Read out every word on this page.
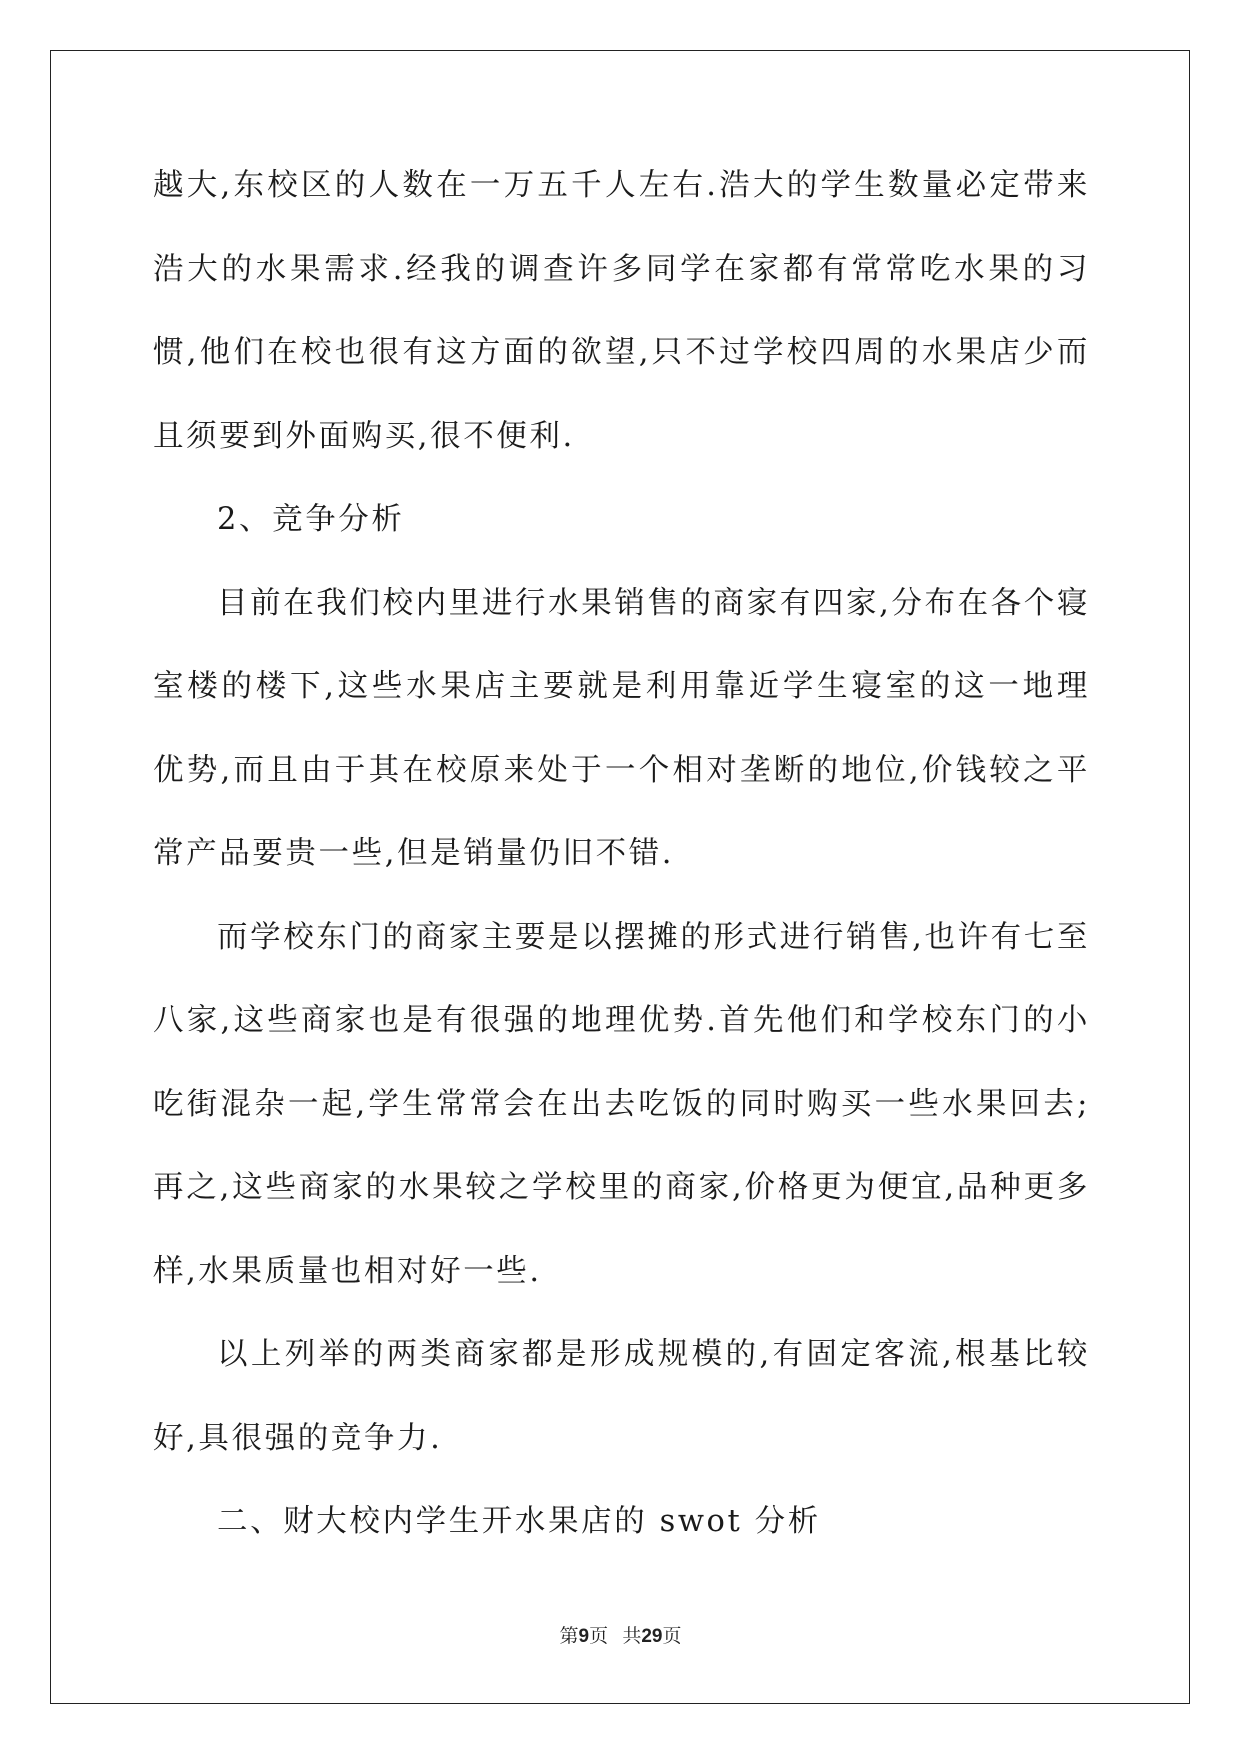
越大,东校区的人数在一万五千人左右.浩大的学生数量必定带来浩大的水果需求.经我的调查许多同学在家都有常常吃水果的习惯,他们在校也很有这方面的欲望,只不过学校四周的水果店少而且须要到外面购买,很不便利.

2、竞争分析

目前在我们校内里进行水果销售的商家有四家,分布在各个寝室楼的楼下,这些水果店主要就是利用靠近学生寝室的这一地理优势,而且由于其在校原来处于一个相对垄断的地位,价钱较之平常产品要贵一些,但是销量仍旧不错.

而学校东门的商家主要是以摆摊的形式进行销售,也许有七至八家,这些商家也是有很强的地理优势.首先他们和学校东门的小吃街混杂一起,学生常常会在出去吃饭的同时购买一些水果回去;再之,这些商家的水果较之学校里的商家,价格更为便宜,品种更多样,水果质量也相对好一些.

以上列举的两类商家都是形成规模的,有固定客流,根基比较好,具很强的竞争力.

二、财大校内学生开水果店的 swot 分析

第9页   共29页
